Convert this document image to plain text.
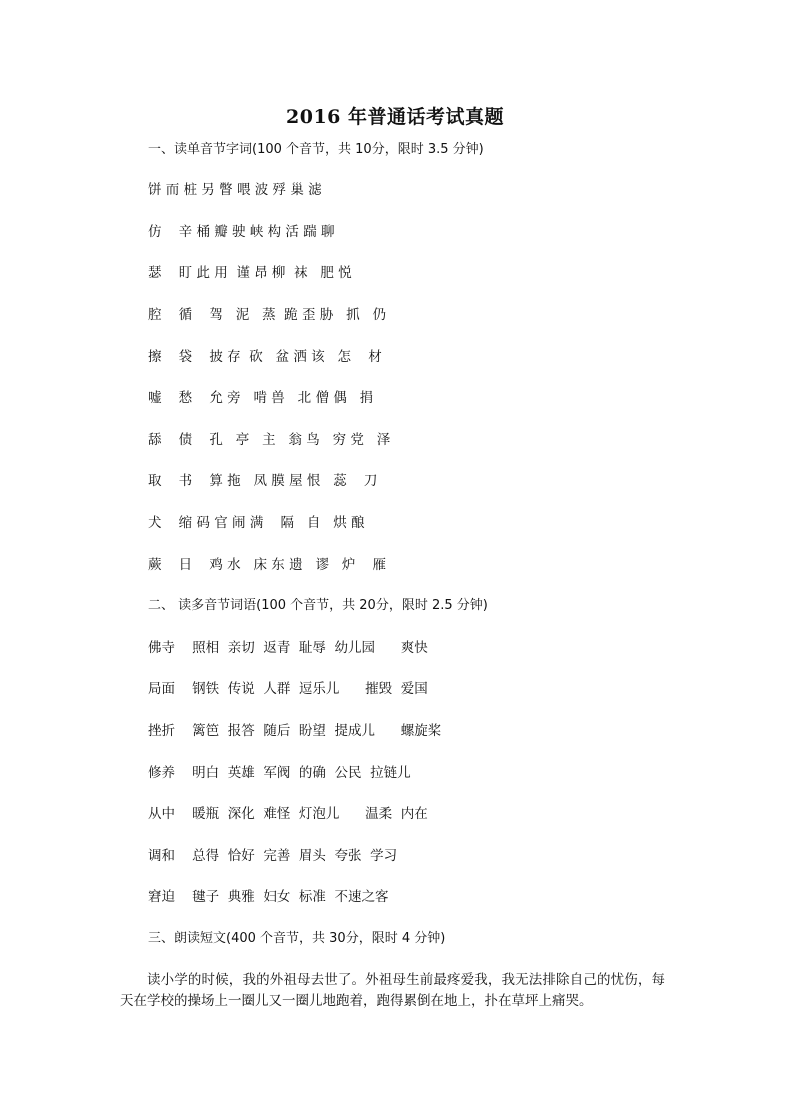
2016 年普通话考试真题
一、读单音节字词(100 个音节，共 10分，限时 3.5 分钟)
饼 而 桩 另 瞥 喂 波 殍 巢 滤
仿    辛 桶 瓣 驶 峡 构 活 踹 聊
瑟    盯 此 用  谨 昂 柳  袜   肥 悦
腔    循    驾   泥   蒸  跪 歪 胁   抓   仍
擦    袋    披 存  砍   盆 洒 该   怎    材
嘘    愁    允 旁   啃 兽   北 僧 偶   捐
舔    债    孔   亭   主   翁 鸟   穷 党   泽
取    书    算 拖   凤 膜 屋 恨   蕊    刀
犬    缩 码 官 闹 满    隔   自   烘 酿
蕨    日    鸡 水   床 东 遗   谬   炉    雁
二、 读多音节词语(100 个音节，共 20分，限时 2.5 分钟)
佛寺    照相  亲切  返青  耻辱  幼儿园      爽快
局面    钢铁  传说  人群  逗乐儿      摧毁  爱国
挫折    篱笆  报答  随后  盼望  提成儿      螺旋桨
修养    明白  英雄  军阀  的确  公民  拉链儿
从中    暖瓶  深化  难怪  灯泡儿      温柔  内在
调和    总得  恰好  完善  眉头  夸张  学习
窘迫    毽子  典雅  妇女  标准  不速之客
三、朗读短文(400 个音节，共 30分，限时 4 分钟)
读小学的时候，我的外祖母去世了。外祖母生前最疼爱我，我无法排除自己的忧伤，每天在学校的操场上一圈儿又一圈儿地跑着，跑得累倒在地上，扑在草坪上痛哭。
